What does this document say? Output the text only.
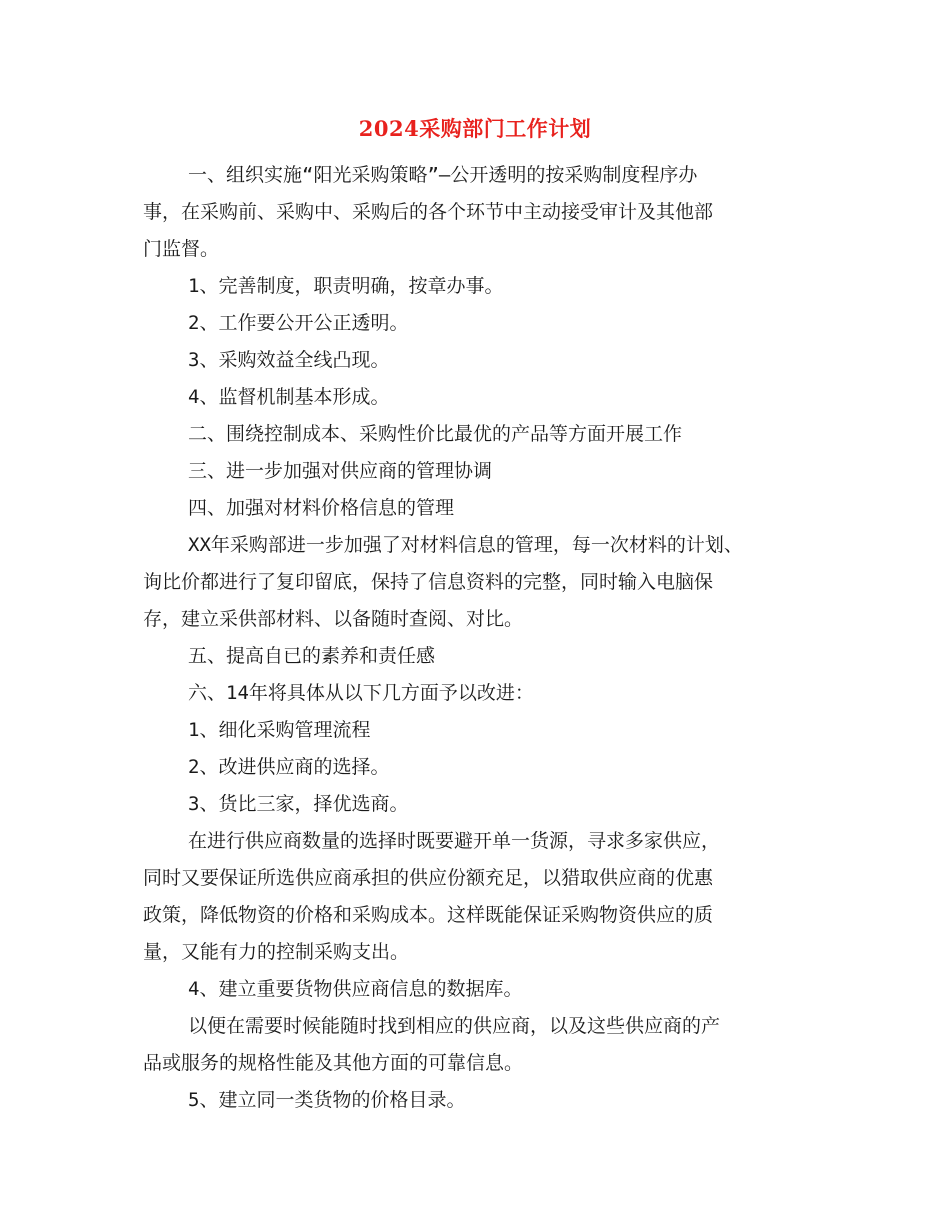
2024采购部门工作计划
一、组织实施“阳光采购策略”—公开透明的按采购制度程序办
事，在采购前、采购中、采购后的各个环节中主动接受审计及其他部
门监督。
1、完善制度，职责明确，按章办事。
2、工作要公开公正透明。
3、采购效益全线凸现。
4、监督机制基本形成。
二、围绕控制成本、采购性价比最优的产品等方面开展工作
三、进一步加强对供应商的管理协调
四、加强对材料价格信息的管理
XX年采购部进一步加强了对材料信息的管理，每一次材料的计划、
询比价都进行了复印留底，保持了信息资料的完整，同时输入电脑保
存，建立采供部材料、以备随时查阅、对比。
五、提高自已的素养和责任感
六、14年将具体从以下几方面予以改进：
1、细化采购管理流程
2、改进供应商的选择。
3、货比三家，择优选商。
在进行供应商数量的选择时既要避开单一货源，寻求多家供应，
同时又要保证所选供应商承担的供应份额充足，以猎取供应商的优惠
政策，降低物资的价格和采购成本。这样既能保证采购物资供应的质
量，又能有力的控制采购支出。
4、建立重要货物供应商信息的数据库。
以便在需要时候能随时找到相应的供应商，以及这些供应商的产
品或服务的规格性能及其他方面的可靠信息。
5、建立同一类货物的价格目录。
